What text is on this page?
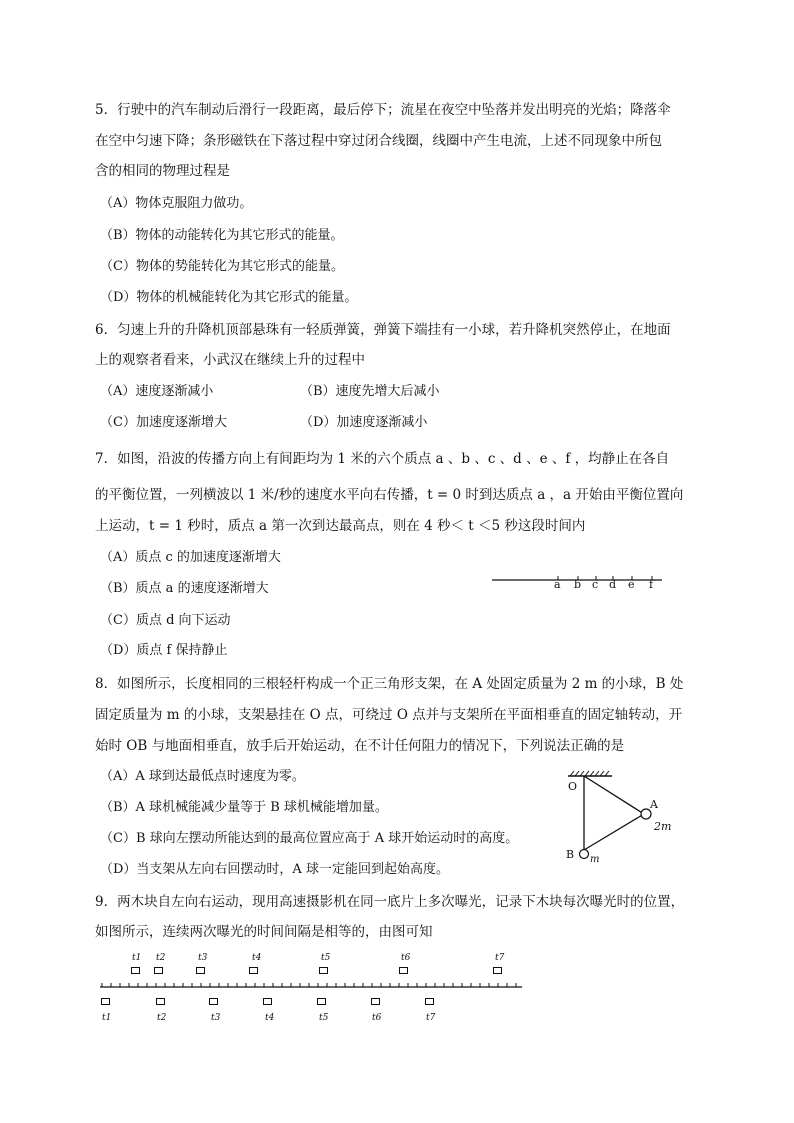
5．行驶中的汽车制动后滑行一段距离，最后停下；流星在夜空中坠落并发出明亮的光焰；降落伞
在空中匀速下降；条形磁铁在下落过程中穿过闭合线圈，线圈中产生电流，上述不同现象中所包
含的相同的物理过程是
（A）物体克服阻力做功。
（B）物体的动能转化为其它形式的能量。
（C）物体的势能转化为其它形式的能量。
（D）物体的机械能转化为其它形式的能量。
6．匀速上升的升降机顶部悬珠有一轻质弹簧，弹簧下端挂有一小球，若升降机突然停止，在地面
上的观察者看来，小武汉在继续上升的过程中
（A）速度逐渐减小	（B）速度先增大后减小
（C）加速度逐渐增大	（D）加速度逐渐减小
7．如图，沿波的传播方向上有间距均为 1 米的六个质点 a 、b 、c 、d 、e 、f ，均静止在各自
的平衡位置，一列横波以 1 米/秒的速度水平向右传播，t = 0 时到达质点 a ，a 开始由平衡位置向
上运动，t = 1 秒时，质点 a 第一次到达最高点，则在 4 秒＜ t ＜5 秒这段时间内
（A）质点 c 的加速度逐渐增大
（B）质点 a 的速度逐渐增大
（C）质点 d 向下运动
（D）质点 f 保持静止
a b c d e f
8．如图所示，长度相同的三根轻杆构成一个正三角形支架，在 A 处固定质量为 2 m 的小球，B 处
固定质量为 m 的小球，支架悬挂在 O 点，可绕过 O 点并与支架所在平面相垂直的固定轴转动，开
始时 OB 与地面相垂直，放手后开始运动，在不计任何阻力的情况下，下列说法正确的是
（A）A 球到达最低点时速度为零。
（B）A 球机械能减少量等于 B 球机械能增加量。
（C）B 球向左摆动所能达到的最高位置应高于 A 球开始运动时的高度。
（D）当支架从左向右回摆动时，A 球一定能回到起始高度。
O
A
2m
B m
9．两木块自左向右运动，现用高速摄影机在同一底片上多次曝光，记录下木块每次曝光时的位置，
如图所示，连续两次曝光的时间间隔是相等的，由图可知
t1 t2	t3	t4	t5	t6	t7
t1	t2	t3	t4	t5	t6	t7
